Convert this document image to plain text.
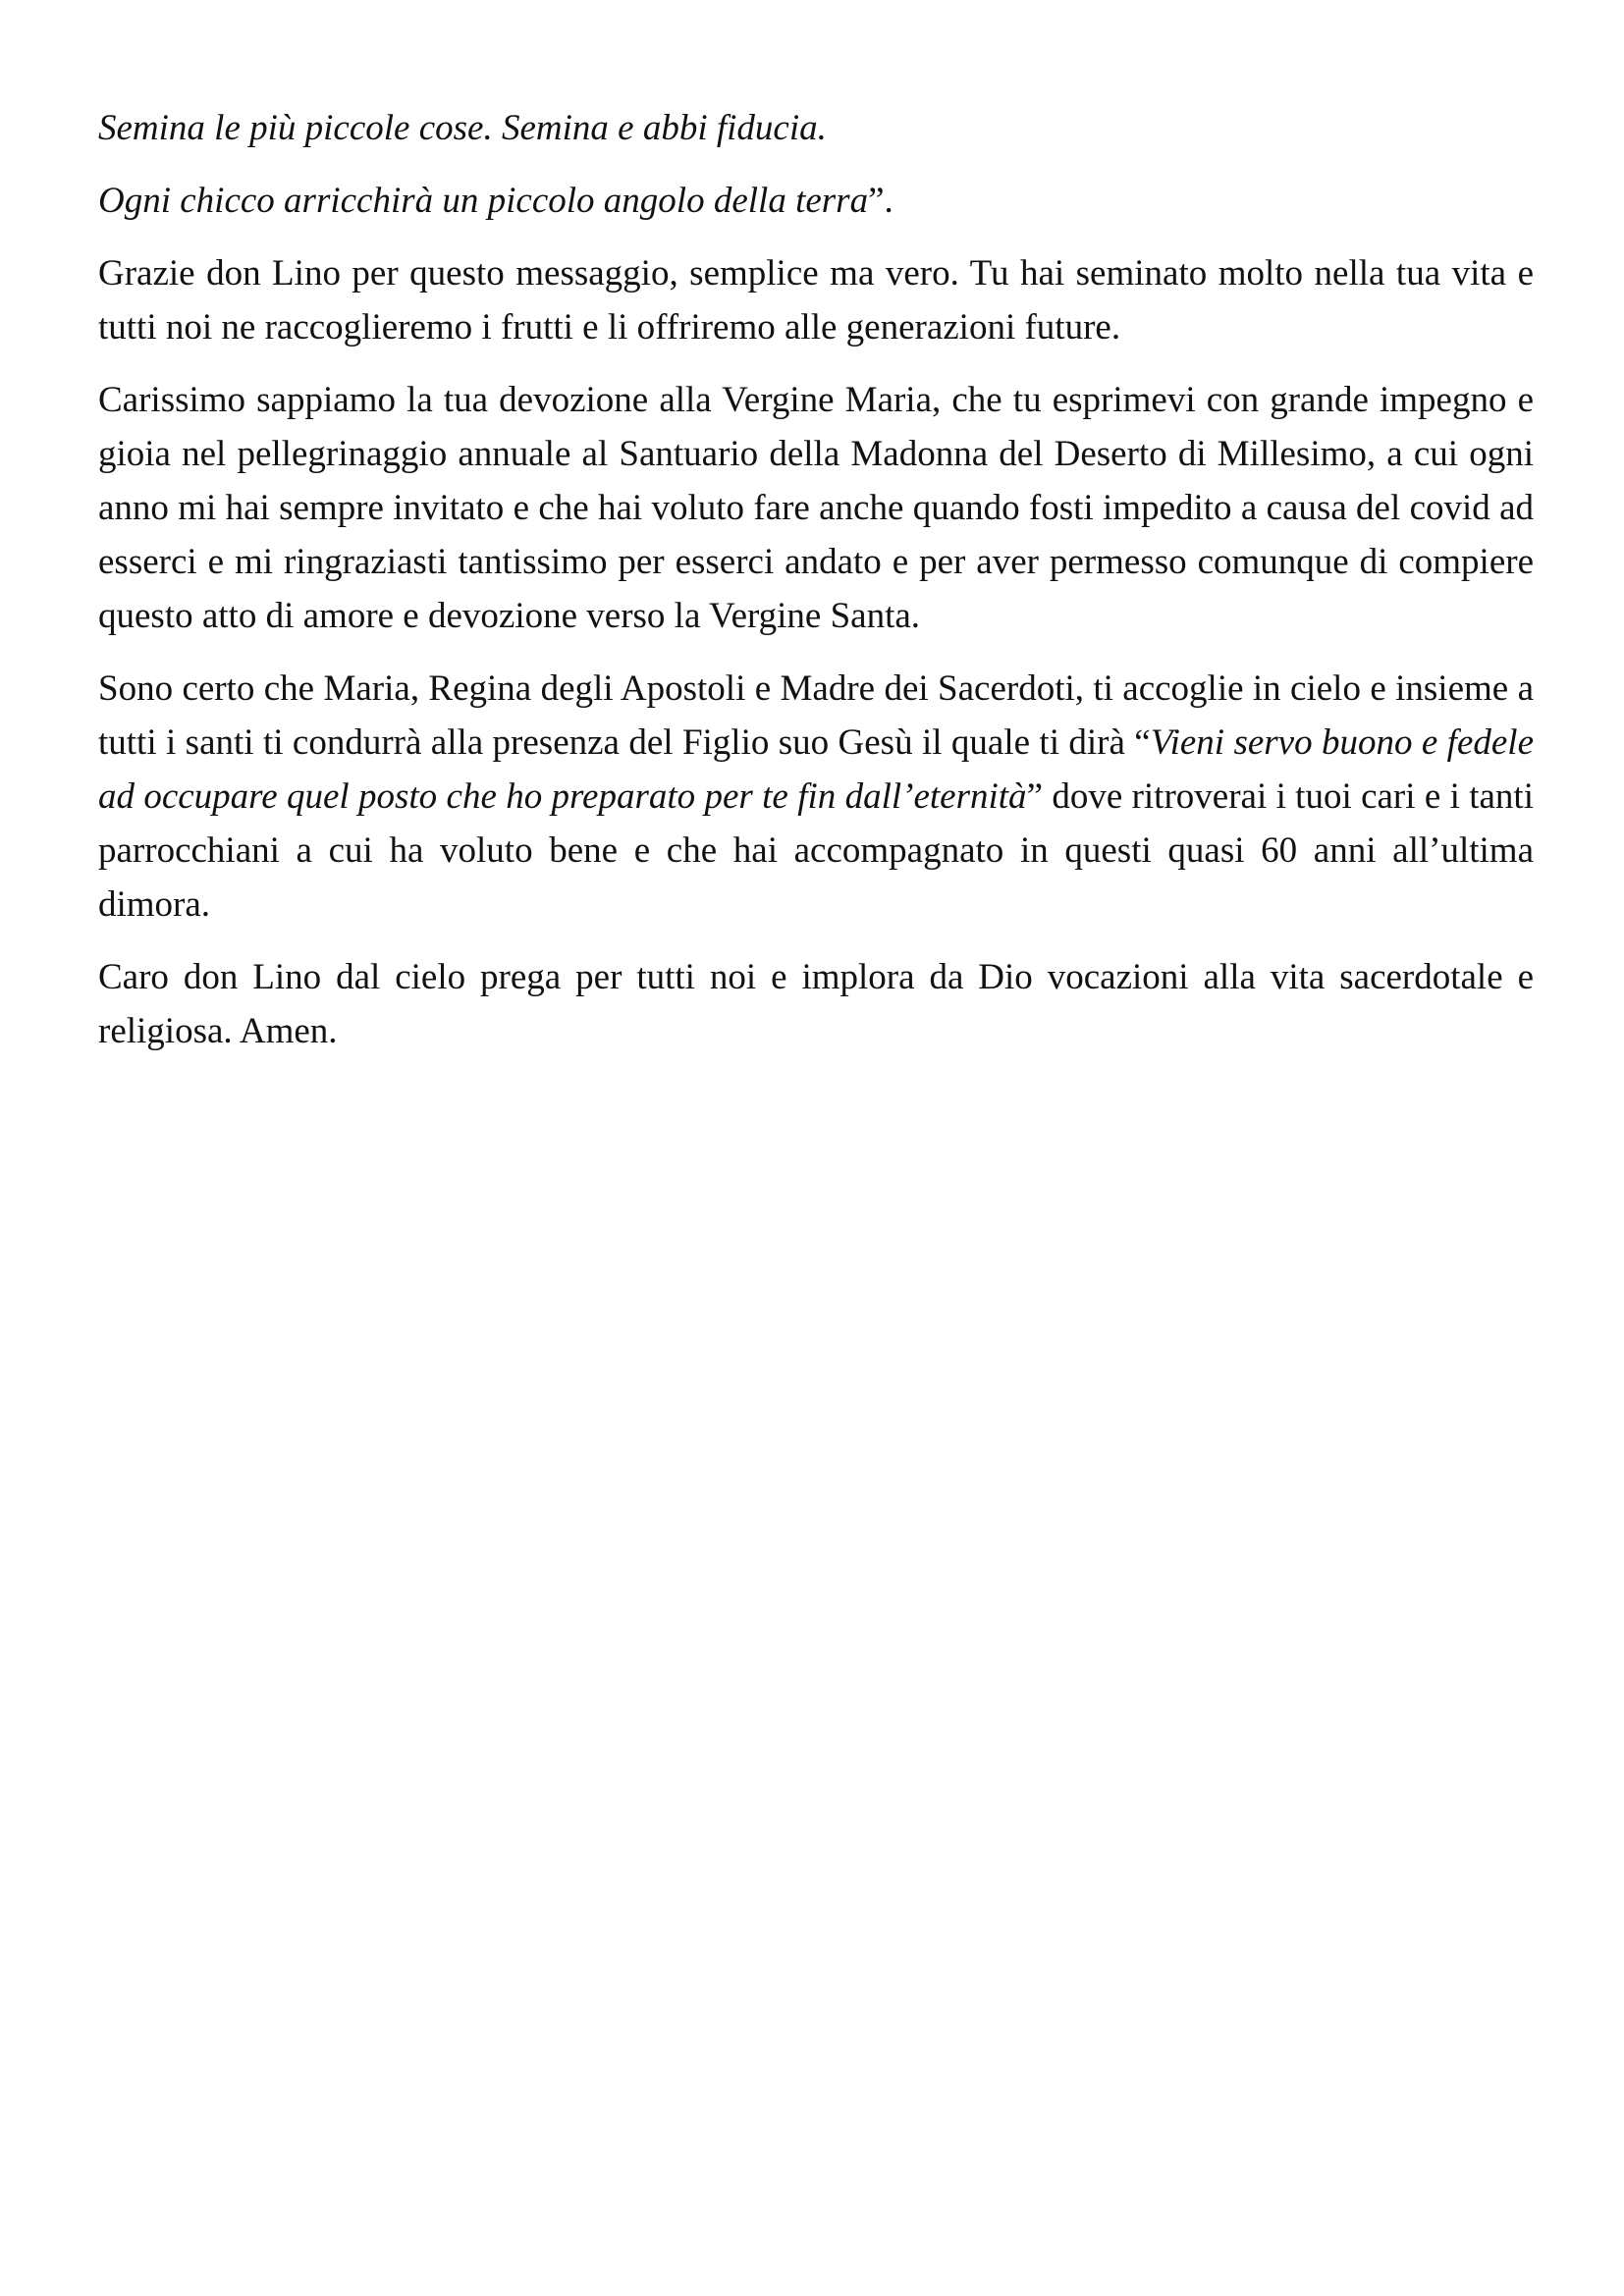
Semina le più piccole cose. Semina e abbi fiducia.

Ogni chicco arricchirà un piccolo angolo della terra”.

Grazie don Lino per questo messaggio, semplice ma vero. Tu hai seminato molto nella tua vita e tutti noi ne raccoglieremo i frutti e li offriremo alle generazioni future.

Carissimo sappiamo la tua devozione alla Vergine Maria, che tu esprimevi con grande impegno e gioia nel pellegrinaggio annuale al Santuario della Madonna del Deserto di Millesimo, a cui ogni anno mi hai sempre invitato e che hai voluto fare anche quando fosti impedito a causa del covid ad esserci e mi ringraziasti tantissimo per esserci andato e per aver permesso comunque di compiere questo atto di amore e devozione verso la Vergine Santa.

Sono certo che Maria, Regina degli Apostoli e Madre dei Sacerdoti, ti accoglie in cielo e insieme a tutti i santi ti condurrà alla presenza del Figlio suo Gesù il quale ti dirà “Vieni servo buono e fedele ad occupare quel posto che ho preparato per te fin dall’eternità” dove ritroverai i tuoi cari e i tanti parrocchiani a cui ha voluto bene e che hai accompagnato in questi quasi 60 anni all’ultima dimora.

Caro don Lino dal cielo prega per tutti noi e implora da Dio vocazioni alla vita sacerdotale e religiosa. Amen.
